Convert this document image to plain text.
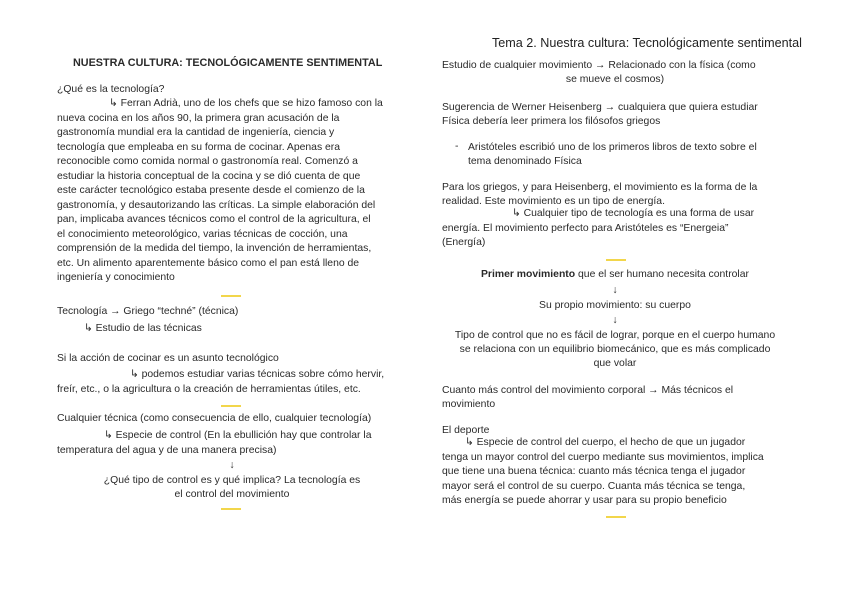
NUESTRA CULTURA: TECNOLÓGICAMENTE SENTIMENTAL
¿Qué es la tecnología?
↳ Ferran Adrià, uno de los chefs que se hizo famoso con la
nueva cocina en los años 90, la primera gran acusación de la
gastronomía mundial era la cantidad de ingeniería, ciencia y
tecnología que empleaba en su forma de cocinar. Apenas era
reconocible como comida normal o gastronomía real. Comenzó a
estudiar la historia conceptual de la cocina y se dió cuenta de que
este carácter tecnológico estaba presente desde el comienzo de la
gastronomía, y desautorizando las críticas. La simple elaboración del
pan, implicaba avances técnicos como el control de la agricultura, el
el conocimiento meteorológico, varias técnicas de cocción, una
comprensión de la medida del tiempo, la invención de herramientas,
etc. Un alimento aparentemente básico como el pan está lleno de
ingeniería y conocimiento
Tecnología → Griego “techné” (técnica)
↳ Estudio de las técnicas
Si la acción de cocinar es un asunto tecnológico
↳ podemos estudiar varias técnicas sobre cómo hervir,
freír, etc., o la agricultura o la creación de herramientas útiles, etc.
Cualquier técnica (como consecuencia de ello, cualquier tecnología)
↳ Especie de control (En la ebullición hay que controlar la
temperatura del agua y de una manera precisa)
↓
¿Qué tipo de control es y qué implica? La tecnología es
el control del movimiento
Tema 2. Nuestra cultura: Tecnológicamente sentimental
Estudio de cualquier movimiento → Relacionado con la física (como
se mueve el cosmos)
Sugerencia de Werner Heisenberg → cualquiera que quiera estudiar
Física debería leer primera los filósofos griegos
- Aristóteles escribió uno de los primeros libros de texto sobre el
tema denominado Física
Para los griegos, y para Heisenberg, el movimiento es la forma de la
realidad. Este movimiento es un tipo de energía.
↳ Cualquier tipo de tecnología es una forma de usar
energía. El movimiento perfecto para Aristóteles es “Energeia”
(Energía)
Primer movimiento que el ser humano necesita controlar
↓
Su propio movimiento: su cuerpo
↓
Tipo de control que no es fácil de lograr, porque en el cuerpo humano
se relaciona con un equilibrio biomecánico, que es más complicado
que volar
Cuanto más control del movimiento corporal → Más técnicos el
movimiento
El deporte
↳ Especie de control del cuerpo, el hecho de que un jugador
tenga un mayor control del cuerpo mediante sus movimientos, implica
que tiene una buena técnica: cuanto más técnica tenga el jugador
mayor será el control de su cuerpo. Cuanta más técnica se tenga,
más energía se puede ahorrar y usar para su propio beneficio
